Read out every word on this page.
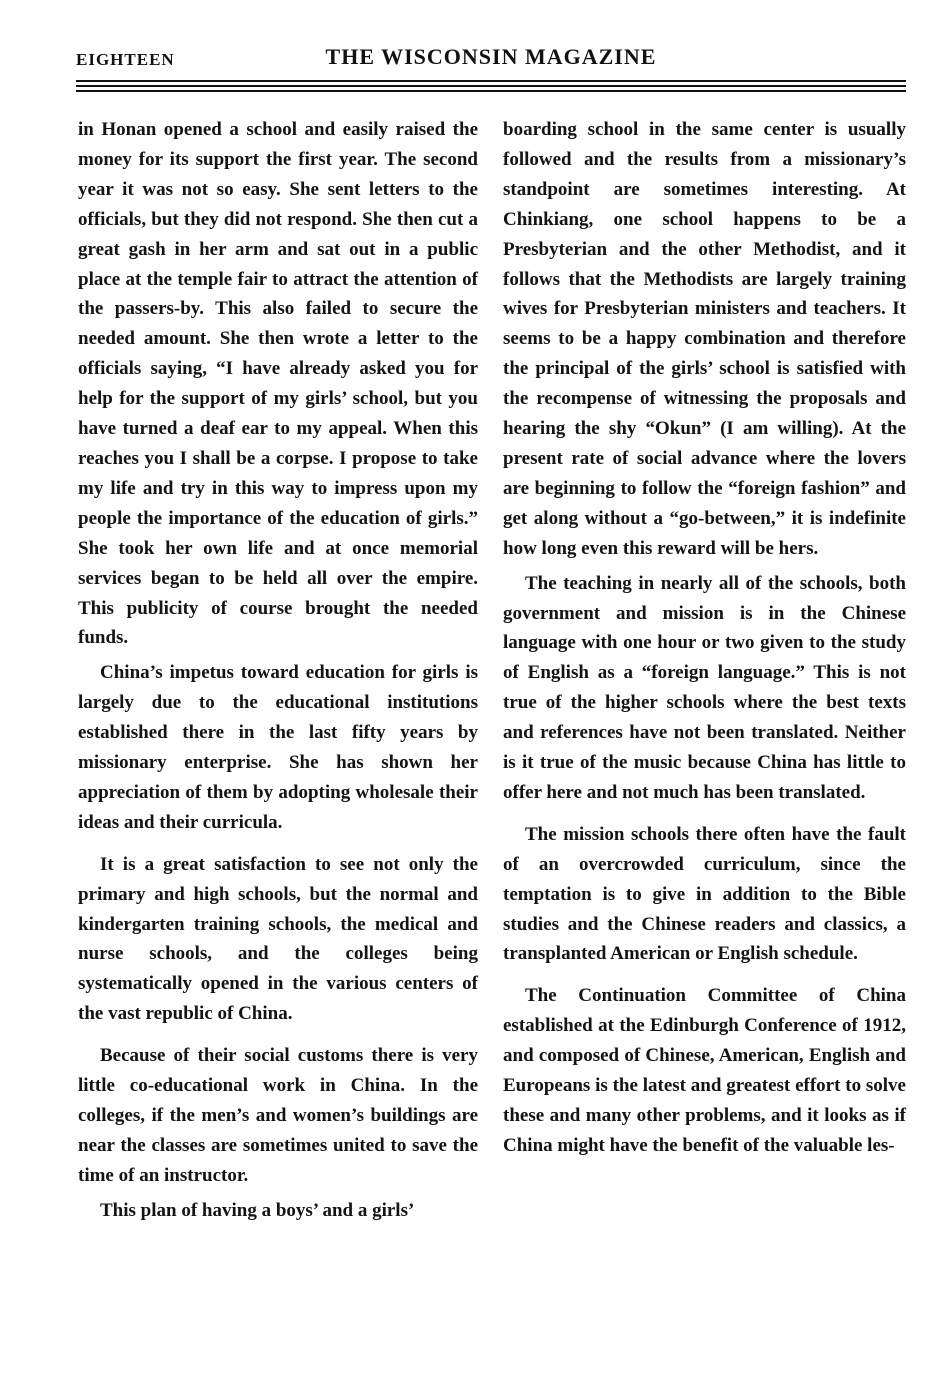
EIGHTEEN	THE WISCONSIN MAGAZINE

in Honan opened a school and easily raised the money for its support the first year. The second year it was not so easy. She sent letters to the officials, but they did not respond. She then cut a great gash in her arm and sat out in a public place at the temple fair to attract the attention of the passers-by. This also failed to secure the needed amount. She then wrote a letter to the officials saying, “I have already asked you for help for the support of my girls’ school, but you have turned a deaf ear to my appeal. When this reaches you I shall be a corpse. I propose to take my life and try in this way to impress upon my people the importance of the education of girls.” She took her own life and at once memorial services began to be held all over the empire. This publicity of course brought the needed funds.

China’s impetus toward education for girls is largely due to the educational institutions established there in the last fifty years by missionary enterprise. She has shown her appreciation of them by adopting wholesale their ideas and their curricula.

It is a great satisfaction to see not only the primary and high schools, but the normal and kindergarten training schools, the medical and nurse schools, and the colleges being systematically opened in the various centers of the vast republic of China.

Because of their social customs there is very little co-educational work in China. In the colleges, if the men’s and women’s buildings are near the classes are sometimes united to save the time of an instructor.

This plan of having a boys’ and a girls’

boarding school in the same center is usually followed and the results from a missionary’s standpoint are sometimes interesting. At Chinkiang, one school happens to be a Presbyterian and the other Methodist, and it follows that the Methodists are largely training wives for Presbyterian ministers and teachers. It seems to be a happy combination and therefore the principal of the girls’ school is satisfied with the recompense of witnessing the proposals and hearing the shy “Okun” (I am willing). At the present rate of social advance where the lovers are beginning to follow the “foreign fashion” and get along without a “go-between,” it is indefinite how long even this reward will be hers.

The teaching in nearly all of the schools, both government and mission is in the Chinese language with one hour or two given to the study of English as a “foreign language.” This is not true of the higher schools where the best texts and references have not been translated. Neither is it true of the music because China has little to offer here and not much has been translated.

The mission schools there often have the fault of an overcrowded curriculum, since the temptation is to give in addition to the Bible studies and the Chinese readers and classics, a transplanted American or English schedule.

The Continuation Committee of China established at the Edinburgh Conference of 1912, and composed of Chinese, American, English and Europeans is the latest and greatest effort to solve these and many other problems, and it looks as if China might have the benefit of the valuable les-
